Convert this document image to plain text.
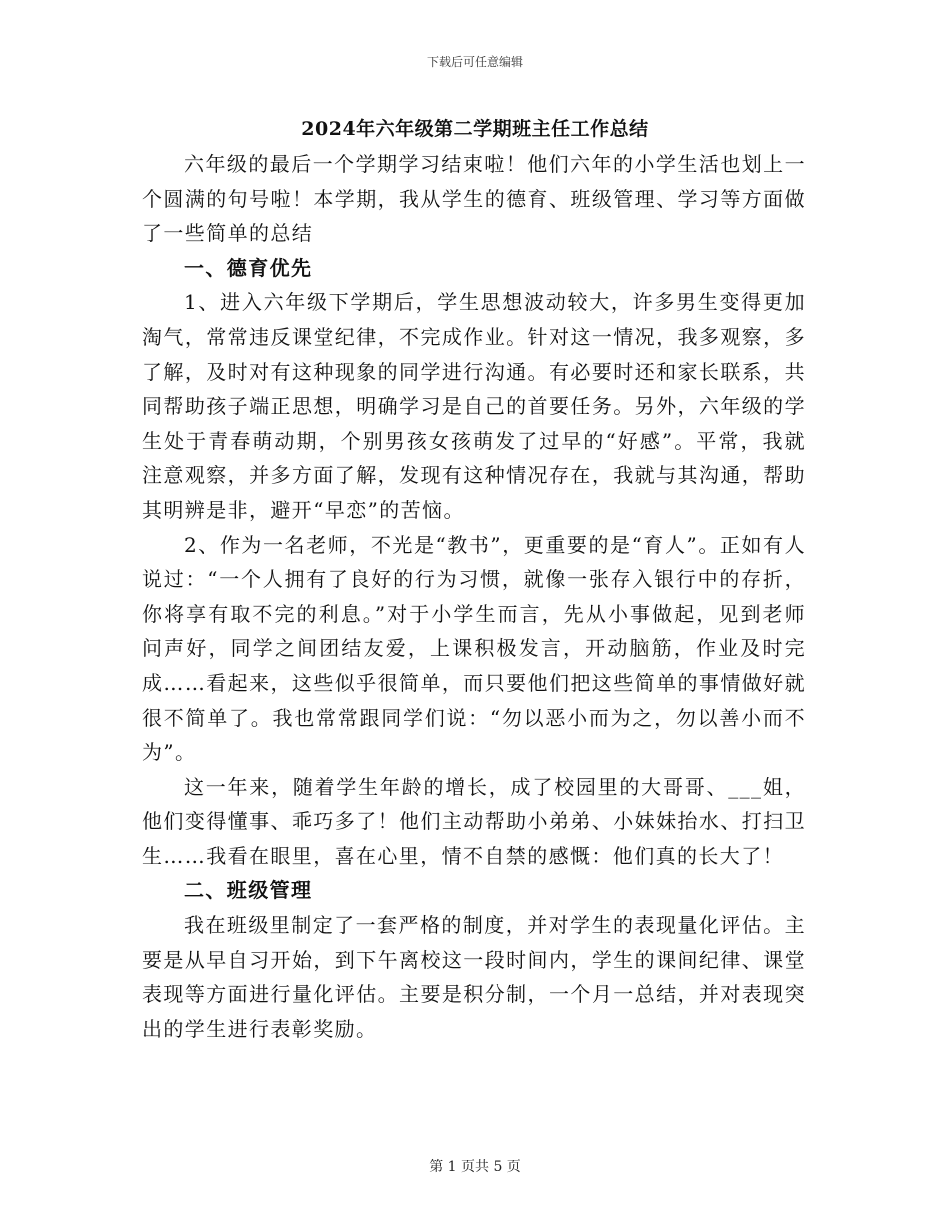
下载后可任意编辑
2024年六年级第二学期班主任工作总结

六年级的最后一个学期学习结束啦！他们六年的小学生活也划上一个圆满的句号啦！本学期，我从学生的德育、班级管理、学习等方面做了一些简单的总结

一、德育优先

1、进入六年级下学期后，学生思想波动较大，许多男生变得更加淘气，常常违反课堂纪律，不完成作业。针对这一情况，我多观察，多了解，及时对有这种现象的同学进行沟通。有必要时还和家长联系，共同帮助孩子端正思想，明确学习是自己的首要任务。另外，六年级的学生处于青春萌动期，个别男孩女孩萌发了过早的“好感”。平常，我就注意观察，并多方面了解，发现有这种情况存在，我就与其沟通，帮助其明辨是非，避开“早恋”的苦恼。

2、作为一名老师，不光是“教书”，更重要的是“育人”。正如有人说过：“一个人拥有了良好的行为习惯，就像一张存入银行中的存折，你将享有取不完的利息。”对于小学生而言，先从小事做起，见到老师问声好，同学之间团结友爱，上课积极发言，开动脑筋，作业及时完成……看起来，这些似乎很简单，而只要他们把这些简单的事情做好就很不简单了。我也常常跟同学们说：“勿以恶小而为之，勿以善小而不为”。

这一年来，随着学生年龄的增长，成了校园里的大哥哥、___姐，他们变得懂事、乖巧多了！他们主动帮助小弟弟、小妹妹抬水、打扫卫生……我看在眼里，喜在心里，情不自禁的感慨：他们真的长大了！

二、班级管理

我在班级里制定了一套严格的制度，并对学生的表现量化评估。主要是从早自习开始，到下午离校这一段时间内，学生的课间纪律、课堂表现等方面进行量化评估。主要是积分制，一个月一总结，并对表现突出的学生进行表彰奖励。

第 1 页共 5 页
